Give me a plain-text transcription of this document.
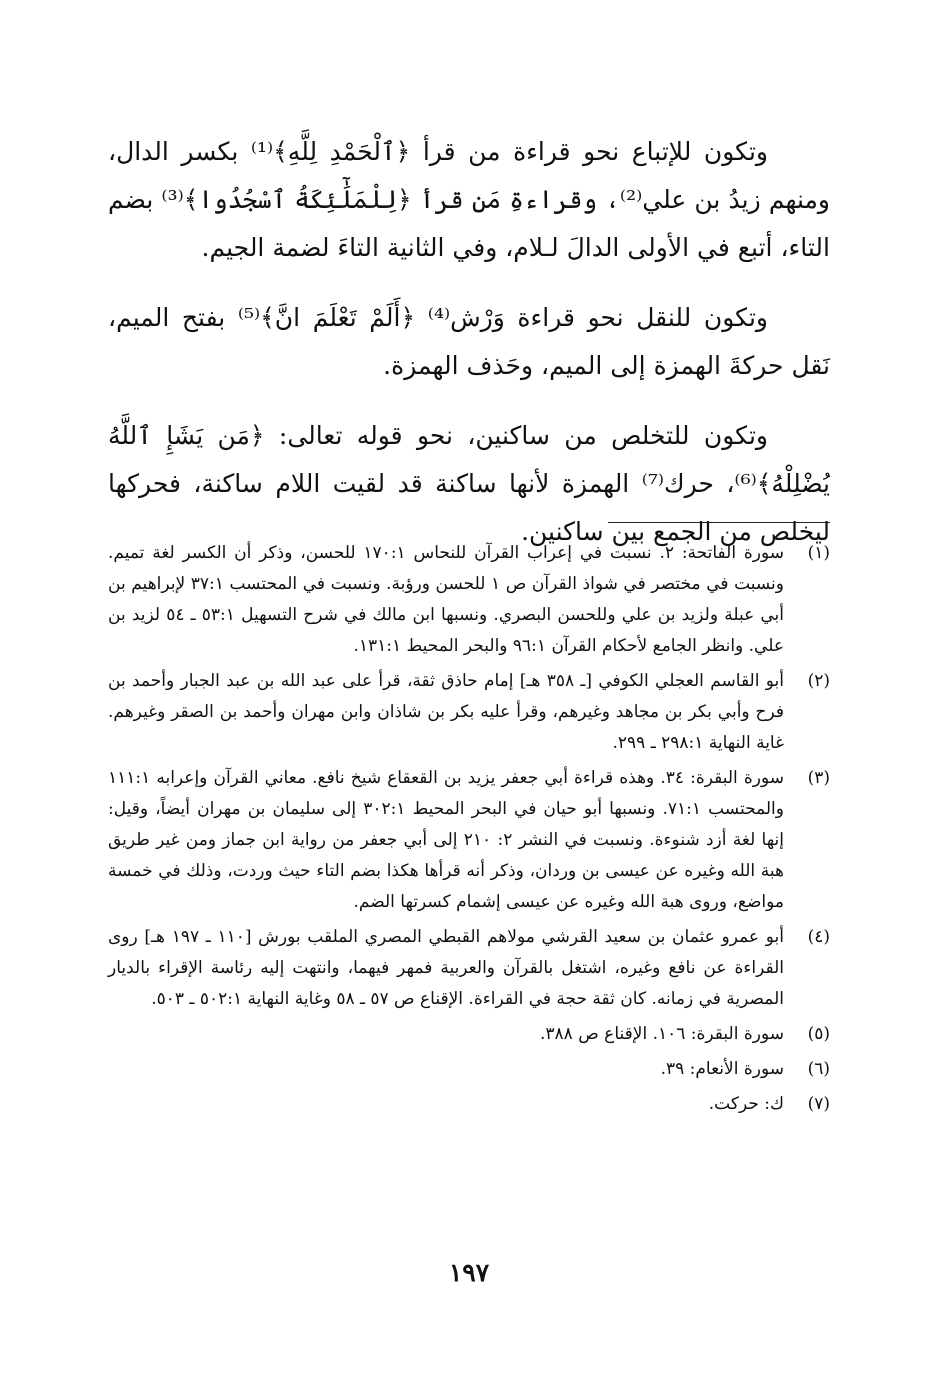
وتكون للإتباع نحو قراءة من قرأ ﴿ٱلْحَمْدِ لِلَّهِ﴾⁽¹⁾ بكسر الدال، ومنهم زيدُ بن علي⁽²⁾، وقراءةِ مَن قرأ ﴿لِلْمَلَٰٓئِكَةُ ٱسْجُدُوا﴾⁽³⁾ بضم التاء، أتبع في الأولى الدالَ لـلام، وفي الثانية التاءَ لضمة الجيم.

وتكون للنقل نحو قراءة وَرْش⁽⁴⁾ ﴿أَلَمْ تَعْلَمَ انَّ﴾⁽⁵⁾ بفتح الميم، نَقل حركةَ الهمزة إلى الميم، وحَذف الهمزة.

وتكون للتخلص من ساكنين، نحو قوله تعالى: ﴿مَن يَشَإِ ٱللَّهُ يُضْلِلْهُ﴾⁽⁶⁾، حرك⁽⁷⁾ الهمزة لأنها ساكنة قد لقيت اللام ساكنة، فحركها ليخلص من الجمع بين ساكنين.

(١)
سورة الفاتحة: ٢. نسبت في إعراب القرآن للنحاس ١٧٠:١ للحسن، وذكر أن الكسر لغة تميم. ونسبت في مختصر في شواذ القرآن ص ١ للحسن ورؤبة. ونسبت في المحتسب ٣٧:١ لإبراهيم بن أبي عبلة ولزيد بن علي وللحسن البصري. ونسبها ابن مالك في شرح التسهيل ٥٣:١ ـ ٥٤ لزيد بن علي. وانظر الجامع لأحكام القرآن ٩٦:١ والبحر المحيط ١٣١:١.
(٢)
أبو القاسم العجلي الكوفي [ـ ٣٥٨ هـ] إمام حاذق ثقة، قرأ على عبد الله بن عبد الجبار وأحمد بن فرح وأبي بكر بن مجاهد وغيرهم، وقرأ عليه بكر بن شاذان وابن مهران وأحمد بن الصقر وغيرهم. غاية النهاية ٢٩٨:١ ـ ٢٩٩.
(٣)
سورة البقرة: ٣٤. وهذه قراءة أبي جعفر يزيد بن القعقاع شيخ نافع. معاني القرآن وإعرابه ١١١:١ والمحتسب ٧١:١. ونسبها أبو حيان في البحر المحيط ٣٠٢:١ إلى سليمان بن مهران أيضاً، وقيل: إنها لغة أزد شنوءة. ونسبت في النشر ٢: ٢١٠ إلى أبي جعفر من رواية ابن جماز ومن غير طريق هبة الله وغيره عن عيسى بن وردان، وذكر أنه قرأها هكذا بضم التاء حيث وردت، وذلك في خمسة مواضع، وروى هبة الله وغيره عن عيسى إشمام كسرتها الضم.
(٤)
أبو عمرو عثمان بن سعيد القرشي مولاهم القبطي المصري الملقب بورش [١١٠ ـ ١٩٧ هـ] روى القراءة عن نافع وغيره، اشتغل بالقرآن والعربية فمهر فيهما، وانتهت إليه رئاسة الإقراء بالديار المصرية في زمانه. كان ثقة حجة في القراءة. الإقناع ص ٥٧ ـ ٥٨ وغاية النهاية ٥٠٢:١ ـ ٥٠٣.
(٥)
سورة البقرة: ١٠٦. الإقناع ص ٣٨٨.
(٦)
سورة الأنعام: ٣٩.
(٧)
ك: حركت.
١٩٧
